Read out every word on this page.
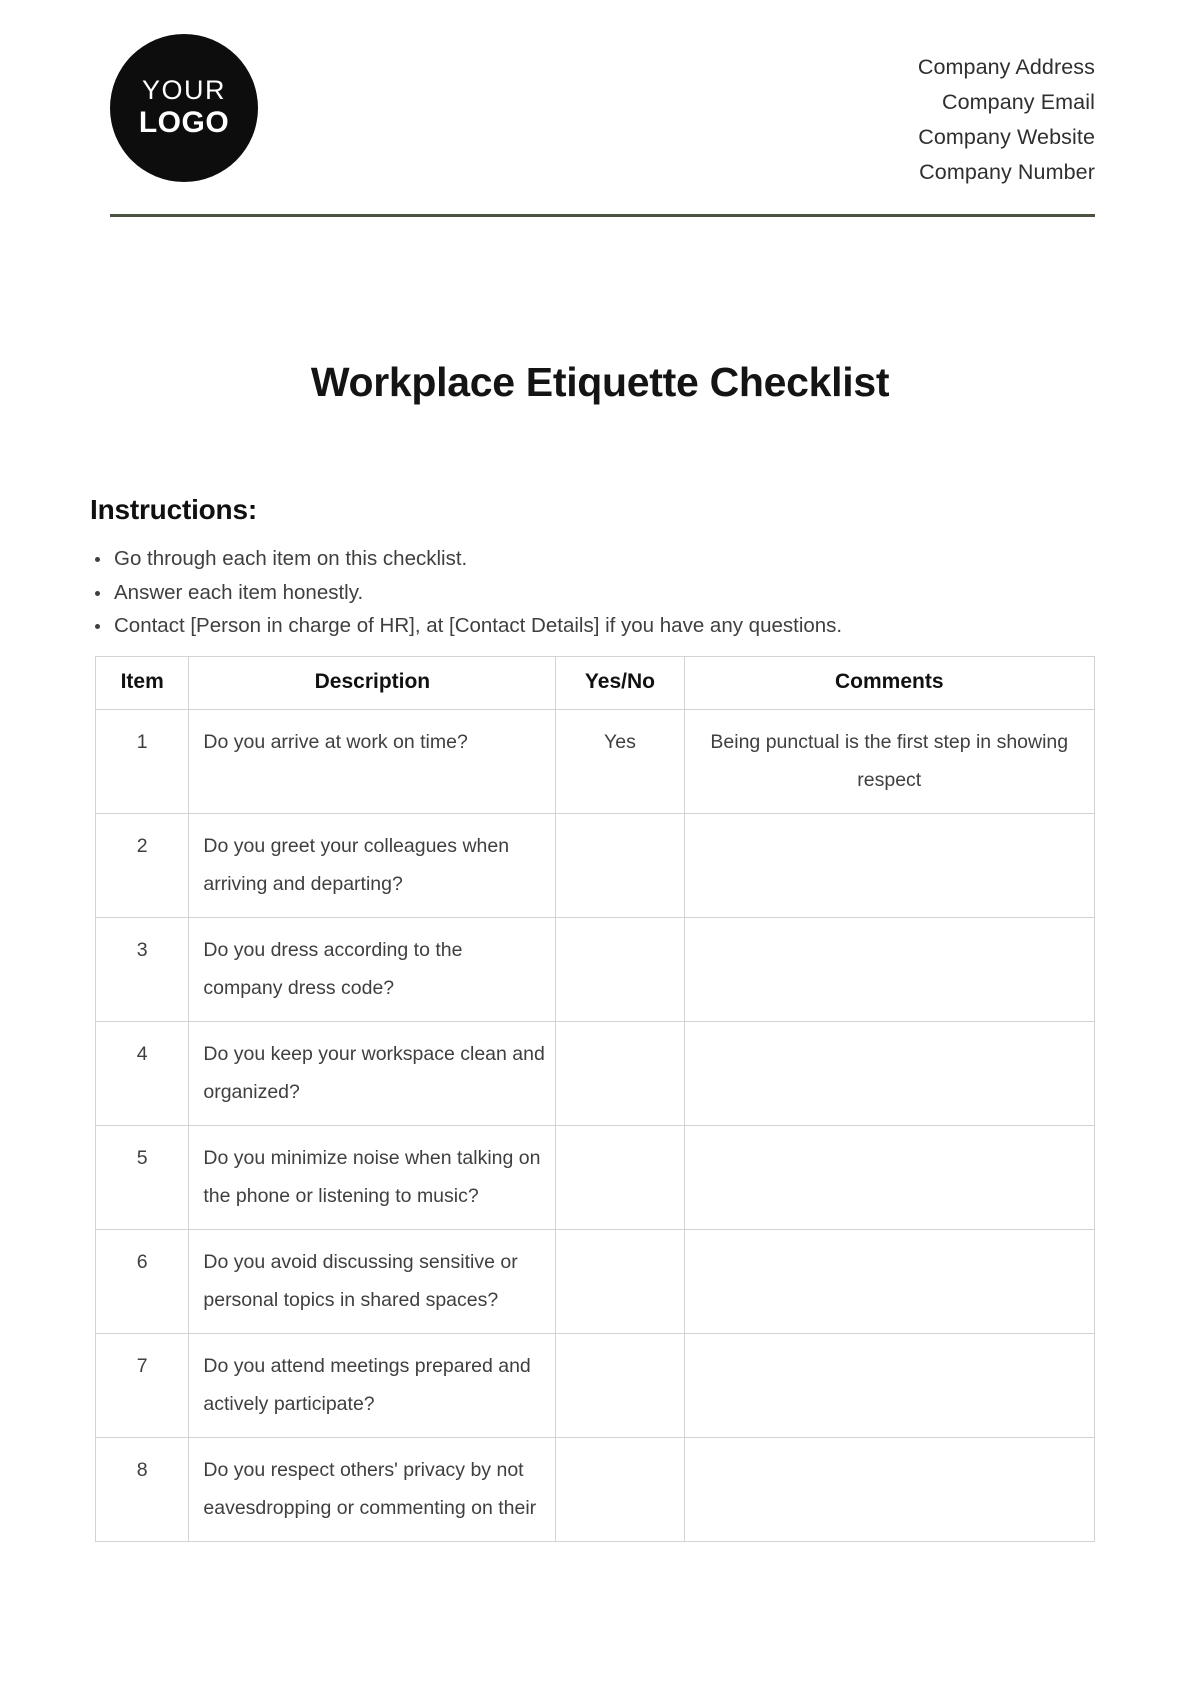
YOUR
LOGO
Company Address
Company Email
Company Website
Company Number
Workplace Etiquette Checklist
Instructions:
Go through each item on this checklist.
Answer each item honestly.
Contact [Person in charge of HR], at [Contact Details] if you have any questions.
Item	Description	Yes/No	Comments
1	Do you arrive at work on time?	Yes	Being punctual is the first step in showing respect
2	Do you greet your colleagues when arriving and departing?		
3	Do you dress according to the company dress code?		
4	Do you keep your workspace clean and organized?		
5	Do you minimize noise when talking on the phone or listening to music?		
6	Do you avoid discussing sensitive or personal topics in shared spaces?		
7	Do you attend meetings prepared and actively participate?		
8	Do you respect others' privacy by not eavesdropping or commenting on their		
